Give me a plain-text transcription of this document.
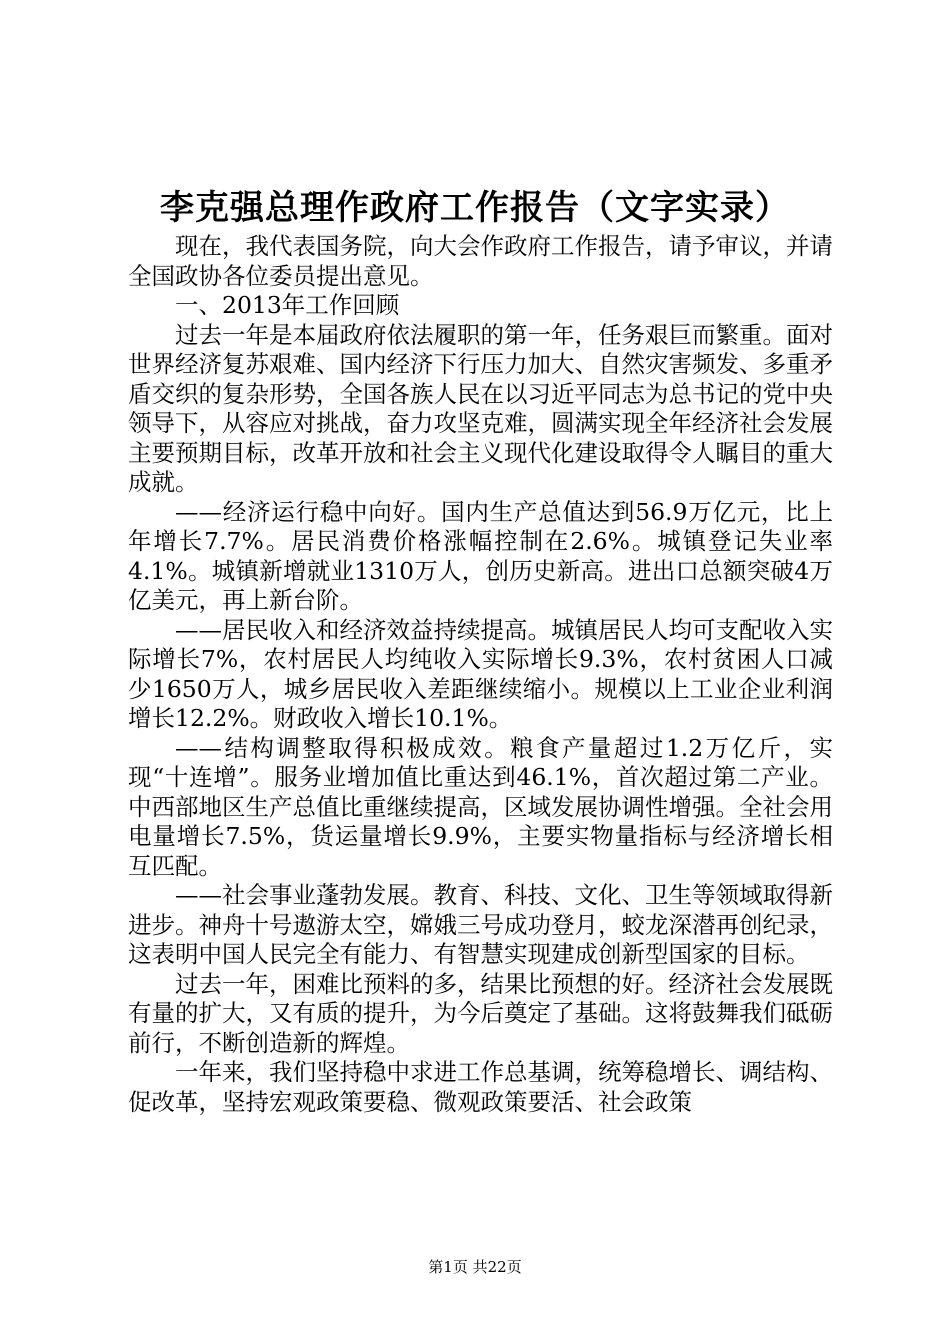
李克强总理作政府工作报告（文字实录）

现在，我代表国务院，向大会作政府工作报告，请予审议，并请全国政协各位委员提出意见。

一、2013年工作回顾

过去一年是本届政府依法履职的第一年，任务艰巨而繁重。面对世界经济复苏艰难、国内经济下行压力加大、自然灾害频发、多重矛盾交织的复杂形势，全国各族人民在以习近平同志为总书记的党中央领导下，从容应对挑战，奋力攻坚克难，圆满实现全年经济社会发展主要预期目标，改革开放和社会主义现代化建设取得令人瞩目的重大成就。

——经济运行稳中向好。国内生产总值达到56.9万亿元，比上年增长7.7%。居民消费价格涨幅控制在2.6%。城镇登记失业率4.1%。城镇新增就业1310万人，创历史新高。进出口总额突破4万亿美元，再上新台阶。

——居民收入和经济效益持续提高。城镇居民人均可支配收入实际增长7%，农村居民人均纯收入实际增长9.3%，农村贫困人口减少1650万人，城乡居民收入差距继续缩小。规模以上工业企业利润增长12.2%。财政收入增长10.1%。

——结构调整取得积极成效。粮食产量超过1.2万亿斤，实现“十连增”。服务业增加值比重达到46.1%，首次超过第二产业。中西部地区生产总值比重继续提高，区域发展协调性增强。全社会用电量增长7.5%，货运量增长9.9%，主要实物量指标与经济增长相互匹配。

——社会事业蓬勃发展。教育、科技、文化、卫生等领域取得新进步。神舟十号遨游太空，嫦娥三号成功登月，蛟龙深潜再创纪录，这表明中国人民完全有能力、有智慧实现建成创新型国家的目标。

过去一年，困难比预料的多，结果比预想的好。经济社会发展既有量的扩大，又有质的提升，为今后奠定了基础。这将鼓舞我们砥砺前行，不断创造新的辉煌。

一年来，我们坚持稳中求进工作总基调，统筹稳增长、调结构、促改革，坚持宏观政策要稳、微观政策要活、社会政策

第1页 共22页
